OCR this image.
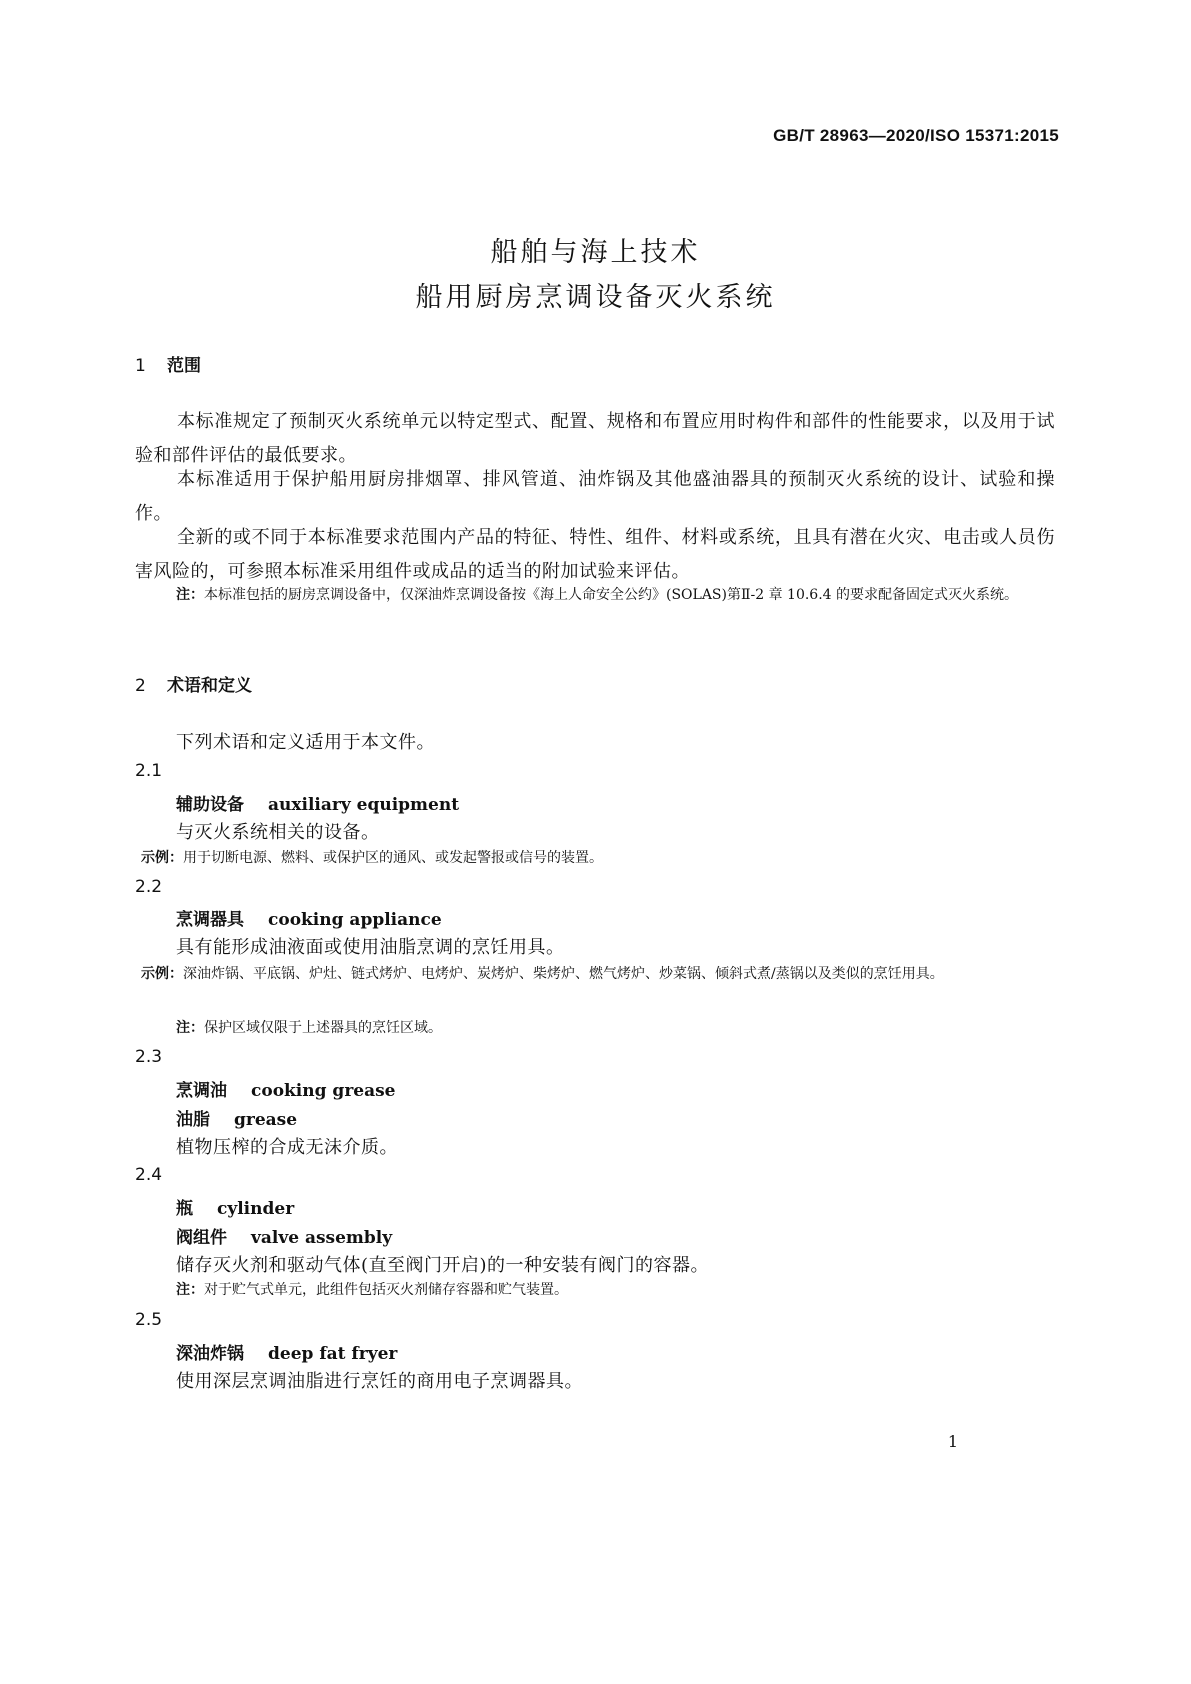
GB/T 28963—2020/ISO 15371:2015
船舶与海上技术
船用厨房烹调设备灭火系统
1 范围
本标准规定了预制灭火系统单元以特定型式、配置、规格和布置应用时构件和部件的性能要求，以及用于试验和部件评估的最低要求。
本标准适用于保护船用厨房排烟罩、排风管道、油炸锅及其他盛油器具的预制灭火系统的设计、试验和操作。
全新的或不同于本标准要求范围内产品的特征、特性、组件、材料或系统，且具有潜在火灾、电击或人员伤害风险的，可参照本标准采用组件或成品的适当的附加试验来评估。
注：本标准包括的厨房烹调设备中，仅深油炸烹调设备按《海上人命安全公约》(SOLAS)第Ⅱ-2 章 10.6.4 的要求配备固定式灭火系统。
2 术语和定义
下列术语和定义适用于本文件。
2.1
辅助设备 auxiliary equipment
与灭火系统相关的设备。
示例：用于切断电源、燃料、或保护区的通风、或发起警报或信号的装置。
2.2
烹调器具 cooking appliance
具有能形成油液面或使用油脂烹调的烹饪用具。
示例：深油炸锅、平底锅、炉灶、链式烤炉、电烤炉、炭烤炉、柴烤炉、燃气烤炉、炒菜锅、倾斜式煮/蒸锅以及类似的烹饪用具。
注：保护区域仅限于上述器具的烹饪区域。
2.3
烹调油 cooking grease
油脂 grease
植物压榨的合成无沫介质。
2.4
瓶 cylinder
阀组件 valve assembly
储存灭火剂和驱动气体(直至阀门开启)的一种安装有阀门的容器。
注：对于贮气式单元，此组件包括灭火剂储存容器和贮气装置。
2.5
深油炸锅 deep fat fryer
使用深层烹调油脂进行烹饪的商用电子烹调器具。
1
